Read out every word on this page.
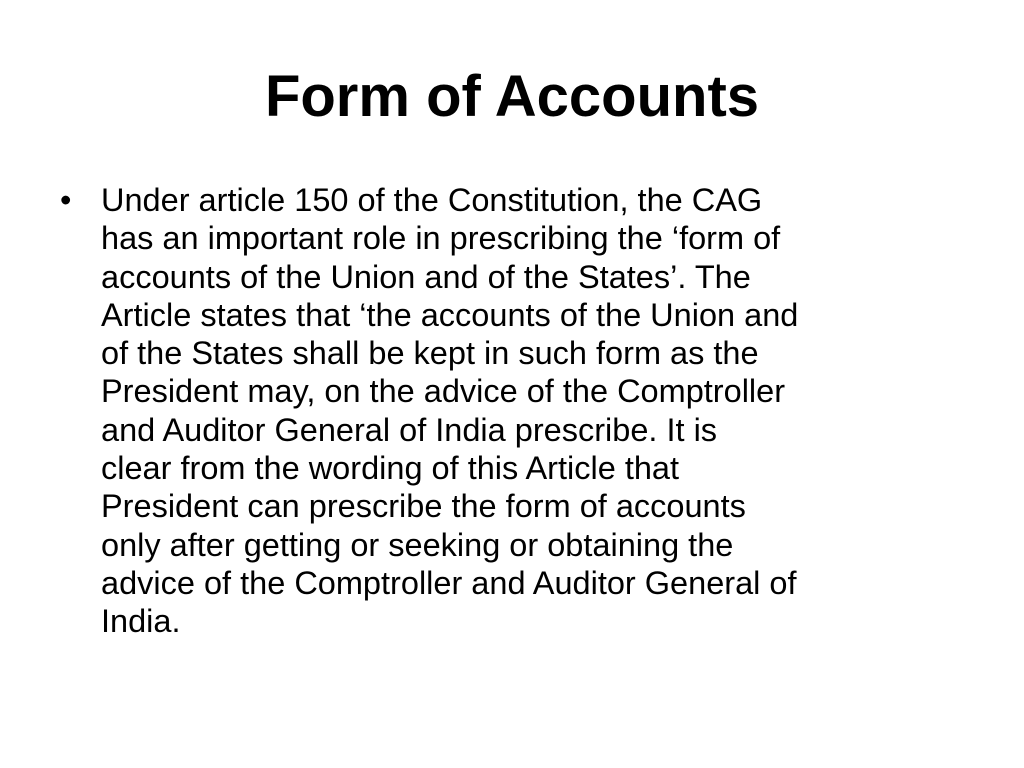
Form of Accounts
• Under article 150 of the Constitution, the CAG
has an important role in prescribing the ‘form of
accounts of the Union and of the States’. The
Article states that ‘the accounts of the Union and
of the States shall be kept in such form as the
President may, on the advice of the Comptroller
and Auditor General of India prescribe. It is
clear from the wording of this Article that
President can prescribe the form of accounts
only after getting or seeking or obtaining the
advice of the Comptroller and Auditor General of
India.
